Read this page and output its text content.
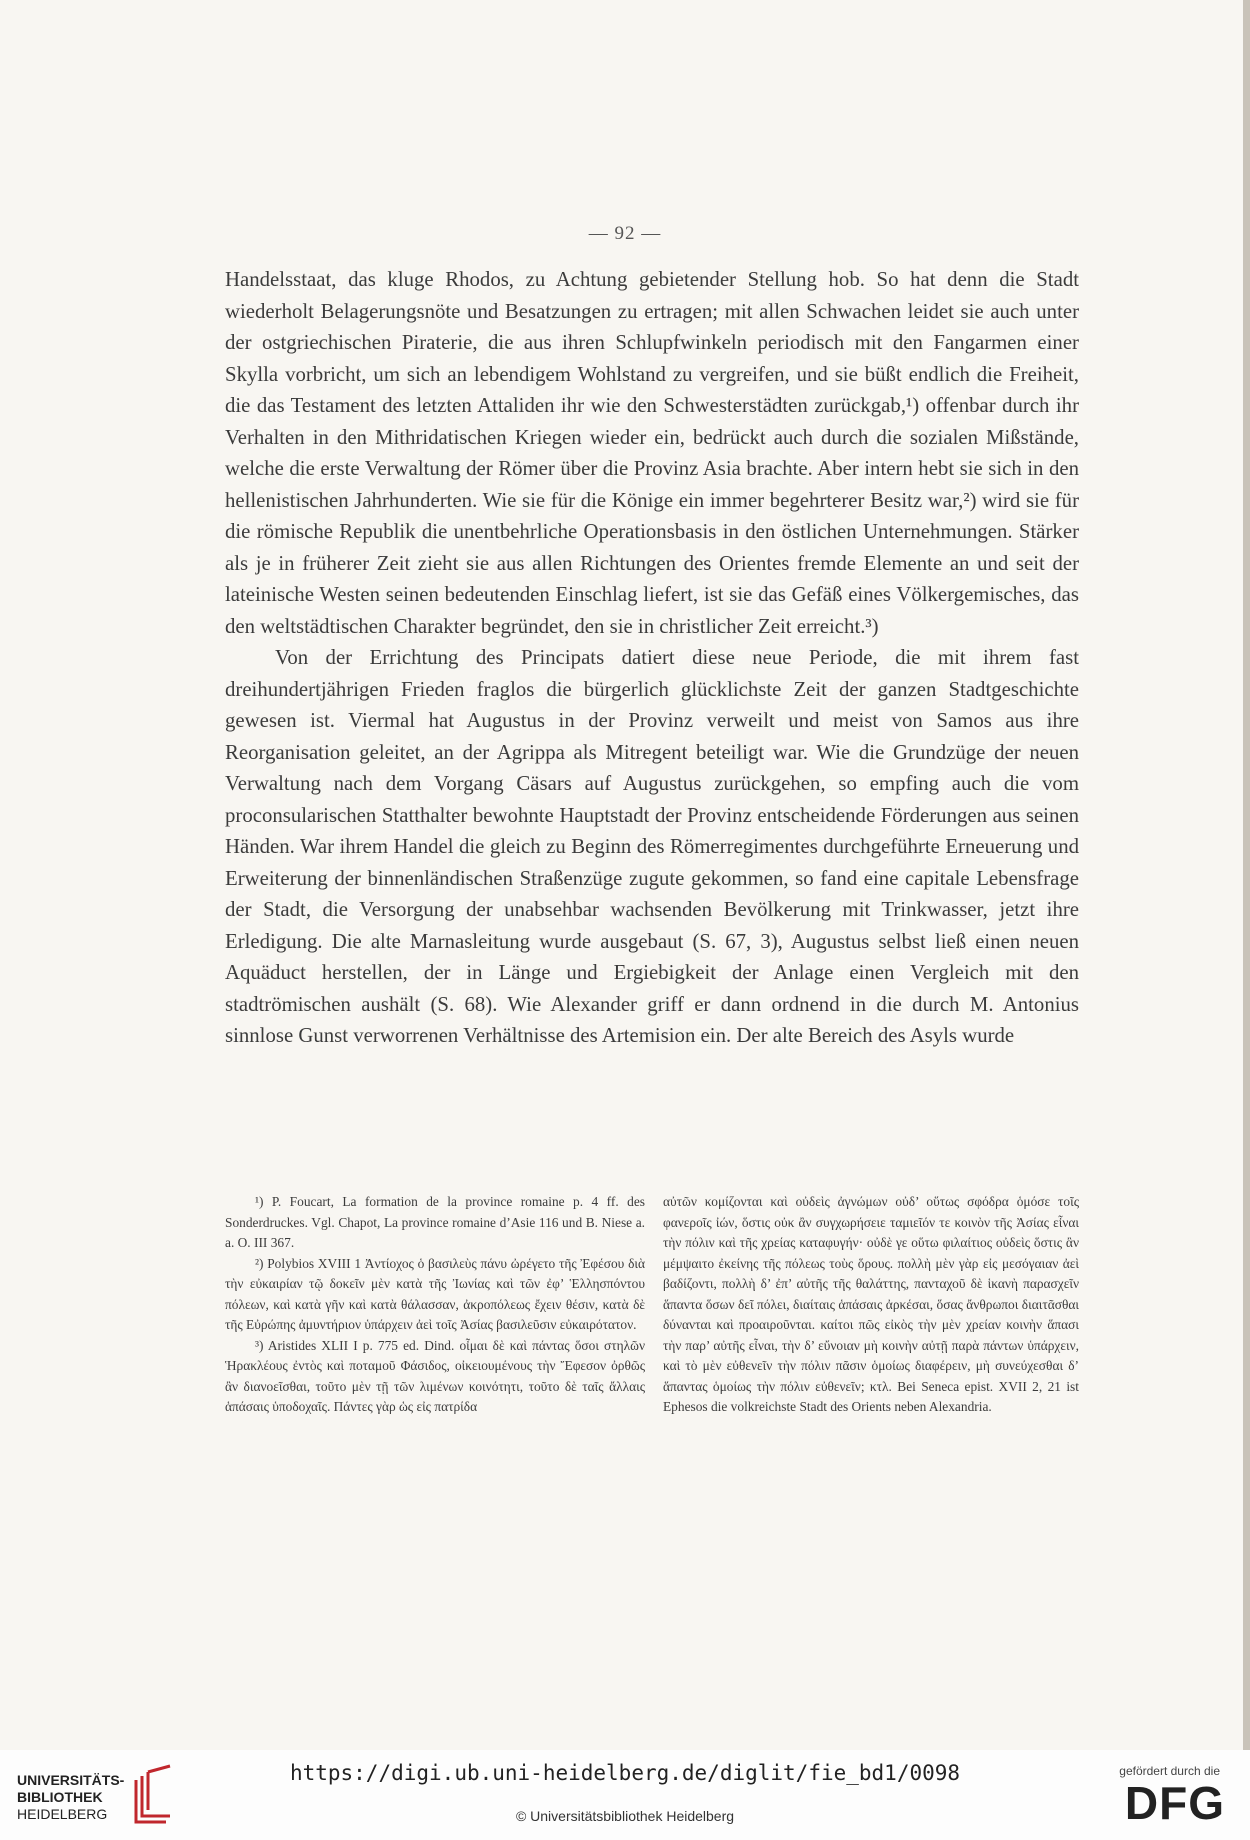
— 92 —

Handelsstaat, das kluge Rhodos, zu Achtung gebietender Stellung hob. So hat denn die Stadt wiederholt Belagerungsnöte und Besatzungen zu ertragen; mit allen Schwachen leidet sie auch unter der ostgriechischen Piraterie, die aus ihren Schlupfwinkeln periodisch mit den Fangarmen einer Skylla vorbricht, um sich an lebendigem Wohlstand zu vergreifen, und sie büßt endlich die Freiheit, die das Testament des letzten Attaliden ihr wie den Schwesterstädten zurückgab,¹) offenbar durch ihr Verhalten in den Mithridatischen Kriegen wieder ein, bedrückt auch durch die sozialen Mißstände, welche die erste Verwaltung der Römer über die Provinz Asia brachte. Aber intern hebt sie sich in den hellenistischen Jahrhunderten. Wie sie für die Könige ein immer begehrterer Besitz war,²) wird sie für die römische Republik die unentbehrliche Operationsbasis in den östlichen Unternehmungen. Stärker als je in früherer Zeit zieht sie aus allen Richtungen des Orientes fremde Elemente an und seit der lateinische Westen seinen bedeutenden Einschlag liefert, ist sie das Gefäß eines Völkergemisches, das den weltstädtischen Charakter begründet, den sie in christlicher Zeit erreicht.³)

Von der Errichtung des Principats datiert diese neue Periode, die mit ihrem fast dreihundertjährigen Frieden fraglos die bürgerlich glücklichste Zeit der ganzen Stadtgeschichte gewesen ist. Viermal hat Augustus in der Provinz verweilt und meist von Samos aus ihre Reorganisation geleitet, an der Agrippa als Mitregent beteiligt war. Wie die Grundzüge der neuen Verwaltung nach dem Vorgang Cäsars auf Augustus zurückgehen, so empfing auch die vom proconsularischen Statthalter bewohnte Hauptstadt der Provinz entscheidende Förderungen aus seinen Händen. War ihrem Handel die gleich zu Beginn des Römerregimentes durchgeführte Erneuerung und Erweiterung der binnenländischen Straßenzüge zugute gekommen, so fand eine capitale Lebensfrage der Stadt, die Versorgung der unabsehbar wachsenden Bevölkerung mit Trinkwasser, jetzt ihre Erledigung. Die alte Marnasleitung wurde ausgebaut (S. 67, 3), Augustus selbst ließ einen neuen Aquäduct herstellen, der in Länge und Ergiebigkeit der Anlage einen Vergleich mit den stadtrömischen aushält (S. 68). Wie Alexander griff er dann ordnend in die durch M. Antonius sinnlose Gunst verworrenen Verhältnisse des Artemision ein. Der alte Bereich des Asyls wurde

¹) P. Foucart, La formation de la province romaine p. 4 ff. des Sonderdruckes. Vgl. Chapot, La province romaine d’Asie 116 und B. Niese a. a. O. III 367.

²) Polybios XVIII 1 Ἀντίοχος ὁ βασιλεὺς πάνυ ὠρέγετο τῆς Ἐφέσου διὰ τὴν εὐκαιρίαν τῷ δοκεῖν μὲν κατὰ τῆς Ἰωνίας καὶ τῶν ἐφ’ Ἑλλησπόντου πόλεων, καὶ κατὰ γῆν καὶ κατὰ θάλασσαν, ἀκροπόλεως ἔχειν θέσιν, κατὰ δὲ τῆς Εὐρώπης ἀμυντήριον ὑπάρχειν ἀεὶ τοῖς Ἀσίας βασιλεῦσιν εὐκαιρότατον.

³) Aristides XLII I p. 775 ed. Dind. οἶμαι δὲ καὶ πάντας ὅσοι στηλῶν Ἡρακλέους ἐντὸς καὶ ποταμοῦ Φάσιδος, οἰκειουμένους τὴν Ἔφεσον ὀρθῶς ἂν διανοεῖσθαι, τοῦτο μὲν τῇ τῶν λιμένων κοινότητι, τοῦτο δὲ ταῖς ἄλλαις ἁπάσαις ὑποδοχαῖς. Πάντες γὰρ ὡς εἰς πατρίδα

αὐτῶν κομίζονται καὶ οὐδεὶς ἀγνώμων οὐδ’ οὕτως σφόδρα ὁμόσε τοῖς φανεροῖς ἰών, ὅστις οὐκ ἂν συγχωρήσειε ταμιεῖόν τε κοινὸν τῆς Ἀσίας εἶναι τὴν πόλιν καὶ τῆς χρείας καταφυγήν· οὐδὲ γε οὕτω φιλαίτιος οὐδεὶς ὅστις ἂν μέμψαιτο ἐκείνης τῆς πόλεως τοὺς ὅρους. πολλὴ μὲν γὰρ εἰς μεσόγαιαν ἀεὶ βαδίζοντι, πολλὴ δ’ ἐπ’ αὐτῆς τῆς θαλάττης, πανταχοῦ δὲ ἱκανὴ παρασχεῖν ἅπαντα ὅσων δεῖ πόλει, διαίταις ἁπάσαις ἀρκέσαι, ὅσας ἄνθρωποι διαιτᾶσθαι δύνανται καὶ προαιροῦνται. καίτοι πῶς εἰκὸς τὴν μὲν χρείαν κοινὴν ἅπασι τὴν παρ’ αὐτῆς εἶναι, τὴν δ’ εὔνοιαν μὴ κοινὴν αὐτῇ παρὰ πάντων ὑπάρχειν, καὶ τὸ μὲν εὐθενεῖν τὴν πόλιν πᾶσιν ὁμοίως διαφέρειν, μὴ συνεύχεσθαι δ’ ἅπαντας ὁμοίως τὴν πόλιν εὐθενεῖν; κτλ. Bei Seneca epist. XVII 2, 21 ist Ephesos die volkreichste Stadt des Orients neben Alexandria.

UNIVERSITÄTS-
BIBLIOTHEK
HEIDELBERG
https://digi.ub.uni-heidelberg.de/diglit/fie_bd1/0098
© Universitätsbibliothek Heidelberg
gefördert durch die
DFG
